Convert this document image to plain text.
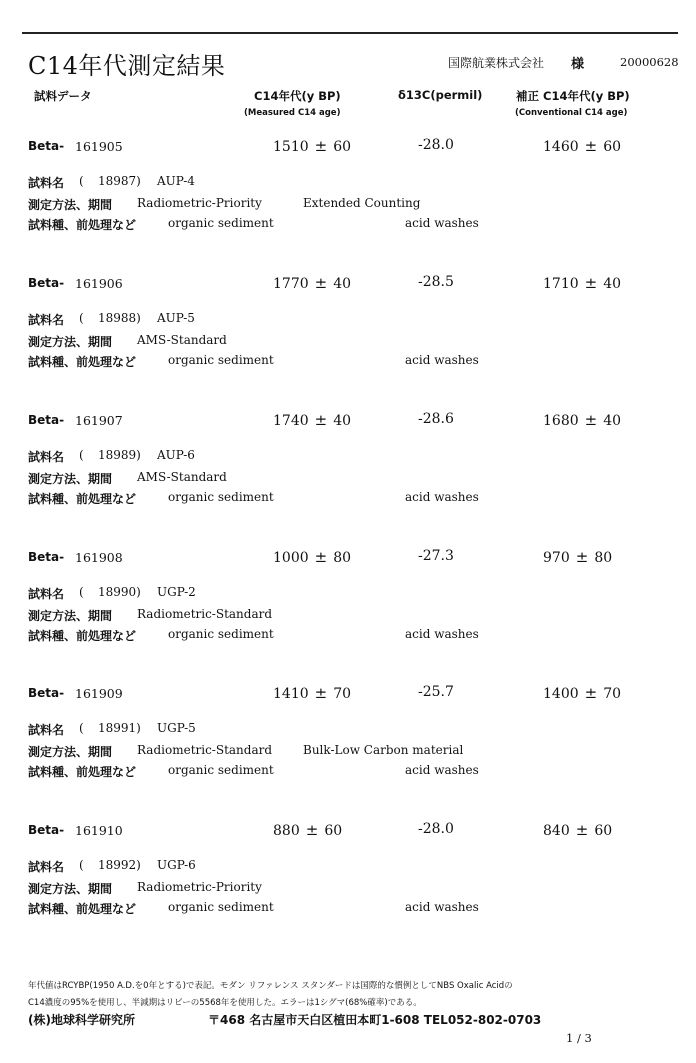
C14年代測定結果	国際航業株式会社 様	20000628
試料データ	C14年代(y BP)
(Measured C14 age)
δ13C(permil)	補正 C14年代(y BP)
(Conventional C14 age)
Beta- 161905	1510 ± 60	-28.0	1460 ± 60
試料名 ( 18987) AUP-4
測定方法、期間 Radiometric-Priority	Extended Counting
試料種、前処理など	organic sediment	acid washes
Beta- 161906	1770 ± 40	-28.5	1710 ± 40
試料名 ( 18988) AUP-5
測定方法、期間 AMS-Standard
試料種、前処理など	organic sediment	acid washes
Beta- 161907	1740 ± 40	-28.6	1680 ± 40
試料名 ( 18989) AUP-6
測定方法、期間 AMS-Standard
試料種、前処理など	organic sediment	acid washes
Beta- 161908	1000 ± 80	-27.3	970 ± 80
試料名 ( 18990) UGP-2
測定方法、期間 Radiometric-Standard
試料種、前処理など	organic sediment	acid washes
Beta- 161909	1410 ± 70	-25.7	1400 ± 70
試料名 ( 18991) UGP-5
測定方法、期間 Radiometric-Standard	Bulk-Low Carbon material
試料種、前処理など	organic sediment	acid washes
Beta- 161910	880 ± 60	-28.0	840 ± 60
試料名 ( 18992) UGP-6
測定方法、期間 Radiometric-Priority
試料種、前処理など	organic sediment	acid washes
年代値はRCYBP(1950 A.D.を0年とする)で表記。モダン リファレンス スタンダードは国際的な慣例としてNBS Oxalic Acidの
C14濃度の95%を使用し、半減期はリビーの5568年を使用した。エラーは1シグマ(68%確率)である。
(株)地球科学研究所	〒468 名古屋市天白区植田本町1-608 TEL052-802-0703
1 / 3
